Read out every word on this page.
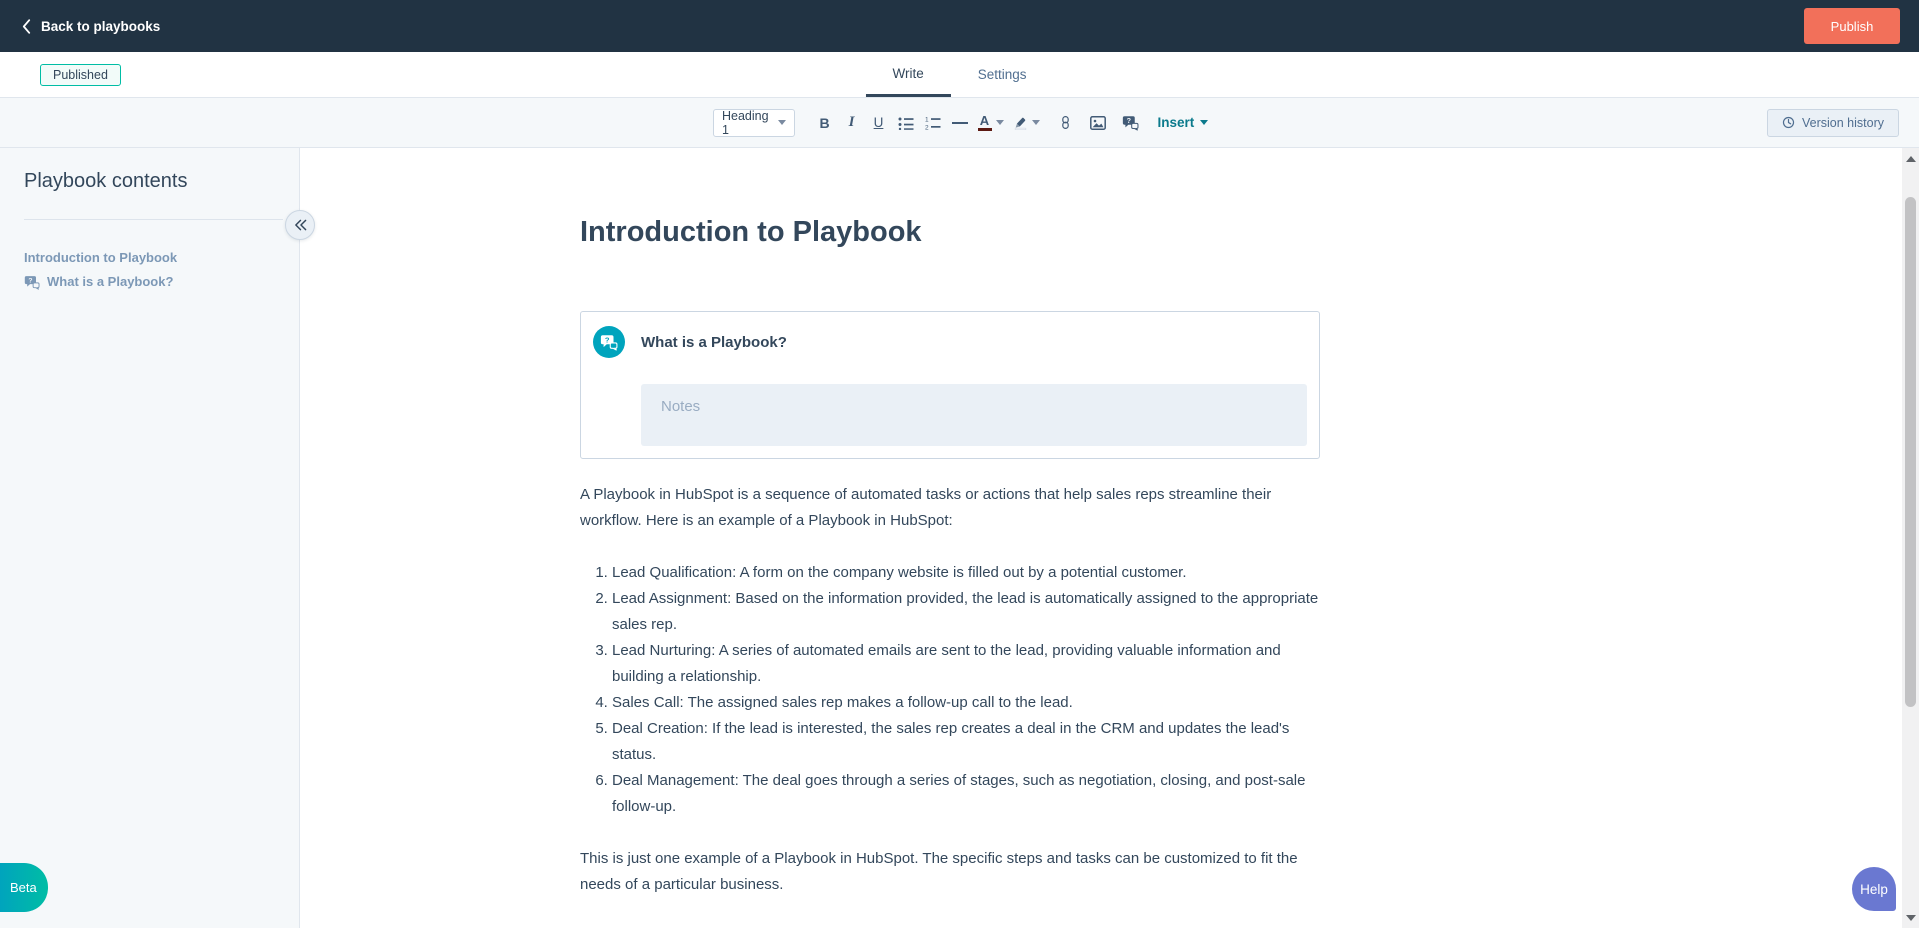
Back to playbooks	Publish
Published	Write	Settings
Heading 1	B I U	1
2	A	? Insert	Version history
Playbook contents
Introduction to Playbook
? What is a Playbook?
Introduction to Playbook
? What is a Playbook?
Notes

A Playbook in HubSpot is a sequence of automated tasks or actions that help sales reps streamline their workflow. Here is an example of a Playbook in HubSpot:

1. Lead Qualification: A form on the company website is filled out by a potential customer.
2. Lead Assignment: Based on the information provided, the lead is automatically assigned to the appropriate sales rep.
3. Lead Nurturing: A series of automated emails are sent to the lead, providing valuable information and building a relationship.
4. Sales Call: The assigned sales rep makes a follow-up call to the lead.
5. Deal Creation: If the lead is interested, the sales rep creates a deal in the CRM and updates the lead's status.
6. Deal Management: The deal goes through a series of stages, such as negotiation, closing, and post-sale follow-up.

This is just one example of a Playbook in HubSpot. The specific steps and tasks can be customized to fit the needs of a particular business.

Beta	Help
